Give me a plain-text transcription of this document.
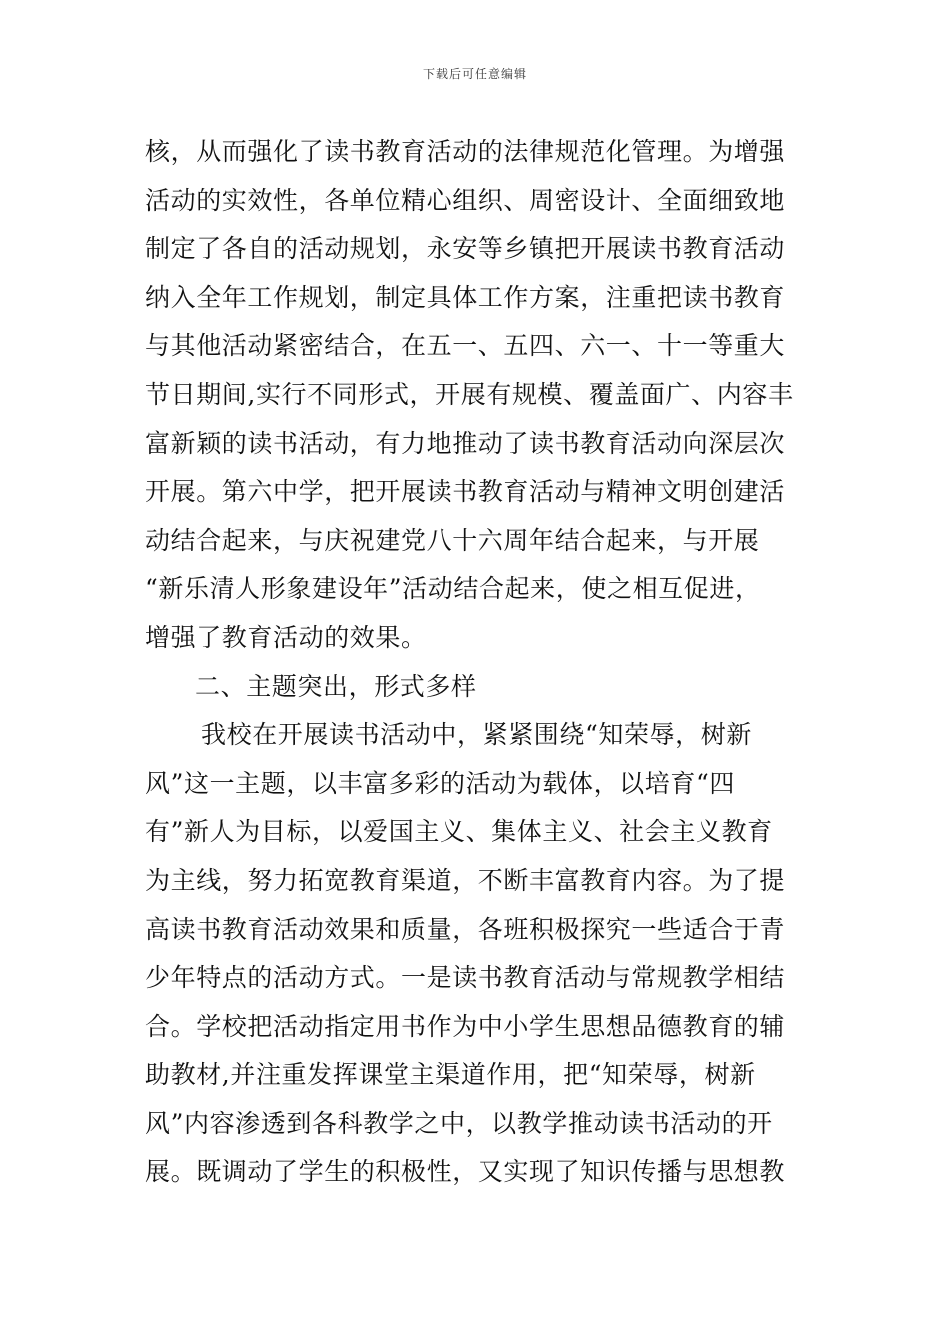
下载后可任意编辑
核，从而强化了读书教育活动的法律规范化管理。为增强
活动的实效性，各单位精心组织、周密设计、全面细致地
制定了各自的活动规划，永安等乡镇把开展读书教育活动
纳入全年工作规划，制定具体工作方案，注重把读书教育
与其他活动紧密结合，在五一、五四、六一、十一等重大
节日期间,实行不同形式，开展有规模、覆盖面广、内容丰
富新颖的读书活动，有力地推动了读书教育活动向深层次
开展。第六中学，把开展读书教育活动与精神文明创建活
动结合起来，与庆祝建党八十六周年结合起来，与开展
“新乐清人形象建设年”活动结合起来，使之相互促进，
增强了教育活动的效果。
二、主题突出，形式多样
我校在开展读书活动中，紧紧围绕“知荣辱，树新
风”这一主题，以丰富多彩的活动为载体，以培育“四
有”新人为目标，以爱国主义、集体主义、社会主义教育
为主线，努力拓宽教育渠道，不断丰富教育内容。为了提
高读书教育活动效果和质量，各班积极探究一些适合于青
少年特点的活动方式。一是读书教育活动与常规教学相结
合。学校把活动指定用书作为中小学生思想品德教育的辅
助教材,并注重发挥课堂主渠道作用，把“知荣辱，树新
风”内容渗透到各科教学之中，以教学推动读书活动的开
展。既调动了学生的积极性，又实现了知识传播与思想教
